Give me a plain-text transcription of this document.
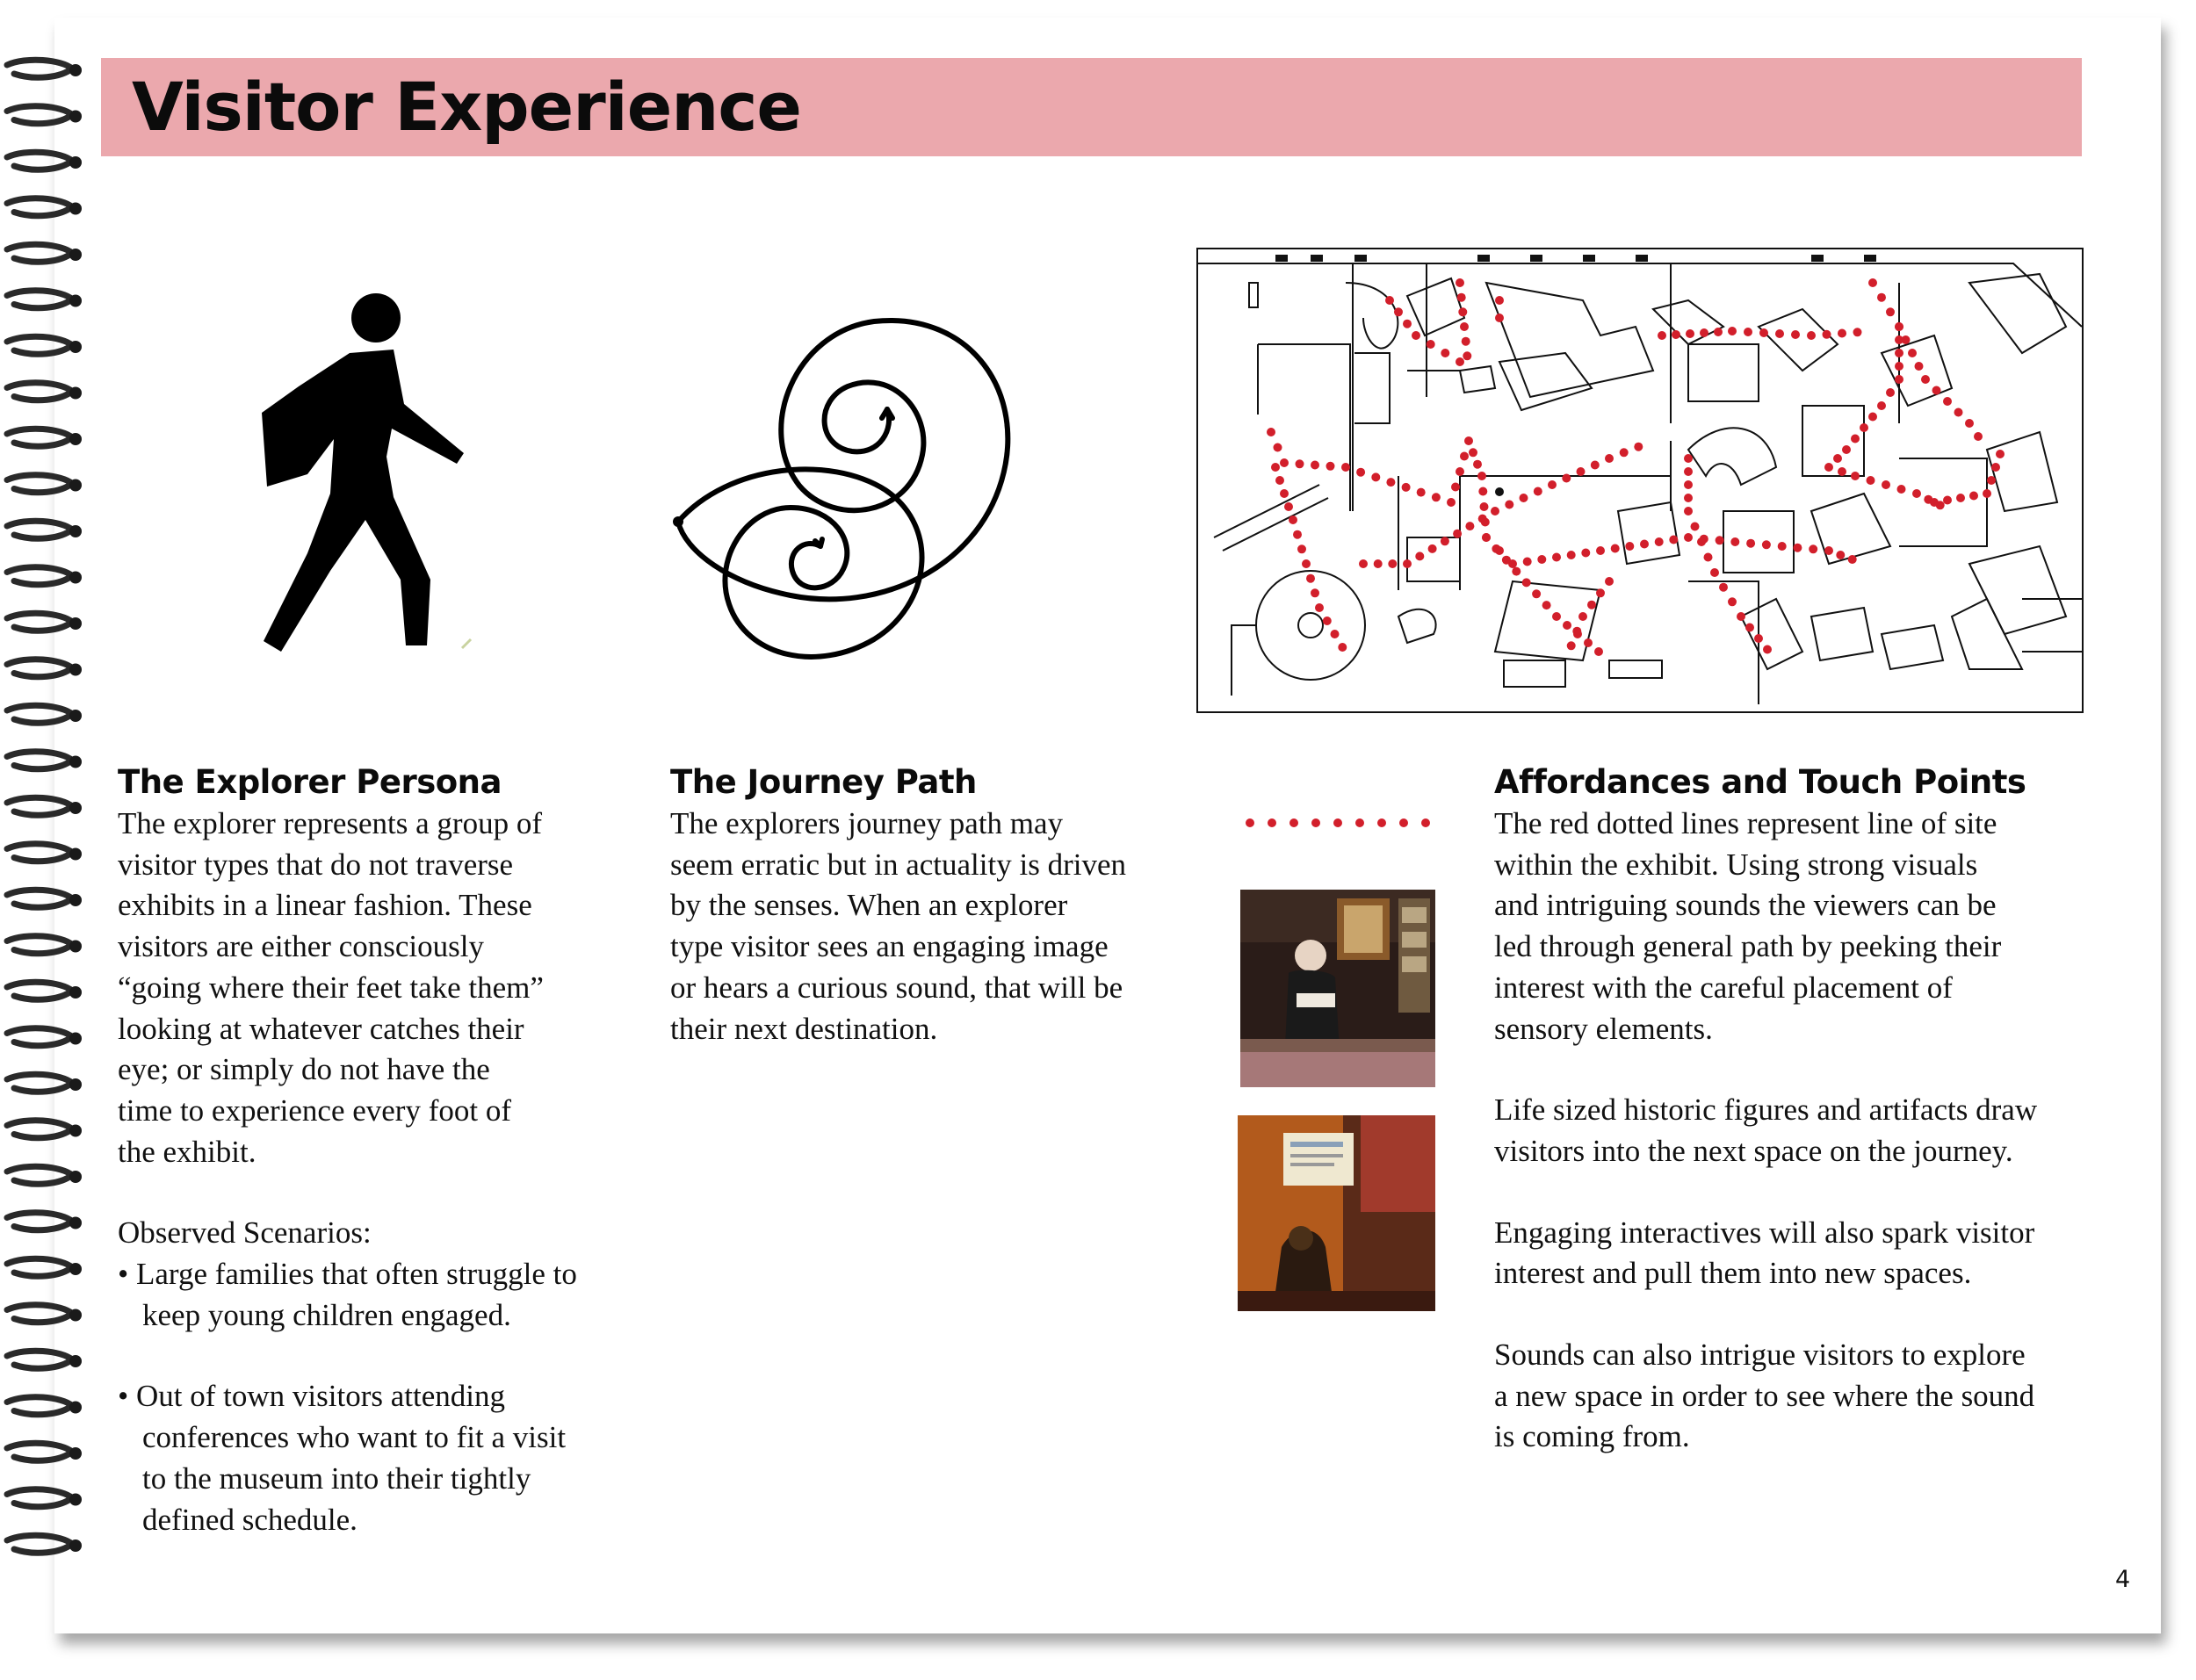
Visitor Experience

The Explorer Persona

The explorer represents a group of

visitor types that do not traverse

exhibits in a linear fashion. These

visitors are either consciously

“going where their feet take them”

looking at whatever catches their

eye; or simply do not have the

time to experience every foot of

the exhibit.

Observed Scenarios:

• Large families that often struggle to

keep young children engaged.

• Out of town visitors attending

conferences who want to fit a visit

to the museum into their tightly

defined schedule.

The Journey Path

The explorers journey path may

seem erratic but in actuality is driven

by the senses. When an explorer

type visitor sees an engaging image

or hears a curious sound, that will be

their next destination.

Affordances and Touch Points

The red dotted lines represent line of site

within the exhibit. Using strong visuals

and intriguing sounds the viewers can be

led through general path by peeking their

interest with the careful placement of

sensory elements.

Life sized historic figures and artifacts draw

visitors into the next space on the journey.

Engaging interactives will also spark visitor

interest and pull them into new spaces.

Sounds can also intrigue visitors to explore

a new space in order to see where the sound

is coming from.

4
